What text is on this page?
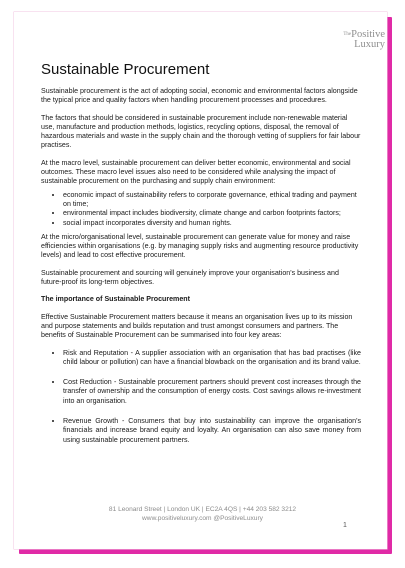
$^{The}$Positive
Luxury
Sustainable Procurement

Sustainable procurement is the act of adopting social, economic and environmental factors alongside the typical price and quality factors when handling procurement processes and procedures.

The factors that should be considered in sustainable procurement include non-renewable material use, manufacture and production methods, logistics, recycling options, disposal, the removal of hazardous materials and waste in the supply chain and the thorough vetting of suppliers for fair labour practises.

At the macro level, sustainable procurement can deliver better economic, environmental and social outcomes. These macro level issues also need to be considered while analysing the impact of sustainable procurement on the purchasing and supply chain environment:

• economic impact of sustainability refers to corporate governance, ethical trading and payment on time;
• environmental impact includes biodiversity, climate change and carbon footprints factors;
• social impact incorporates diversity and human rights.

At the micro/organisational level, sustainable procurement can generate value for money and raise efficiencies within organisations (e.g. by managing supply risks and augmenting resource productivity levels) and lead to cost effective procurement.

Sustainable procurement and sourcing will genuinely improve your organisation's business and future-proof its long-term objectives.

The importance of Sustainable Procurement

Effective Sustainable Procurement matters because it means an organisation lives up to its mission and purpose statements and builds reputation and trust amongst consumers and partners. The benefits of Sustainable Procurement can be summarised into four key areas:

• Risk and Reputation - A supplier association with an organisation that has bad practises (like child labour or pollution) can have a financial blowback on the organisation and its brand value.
• Cost Reduction - Sustainable procurement partners should prevent cost increases through the transfer of ownership and the consumption of energy costs. Cost savings allows re-investment into an organisation.
• Revenue Growth - Consumers that buy into sustainability can improve the organisation's financials and increase brand equity and loyalty. An organisation can also save money from using sustainable procurement partners.
81 Leonard Street | London UK | EC2A 4QS | +44 203 582 3212
www.positiveluxury.com @PositiveLuxury
1
